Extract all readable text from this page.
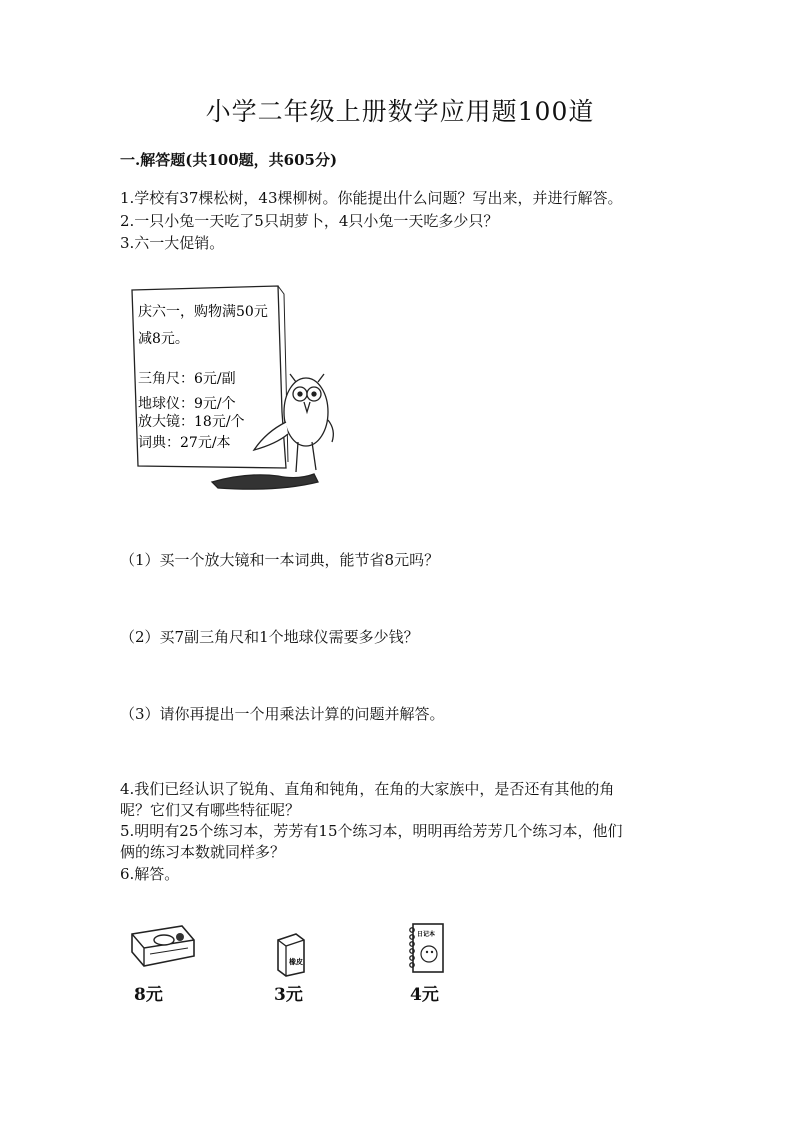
小学二年级上册数学应用题100道
一.解答题(共100题，共605分)
1.学校有37棵松树，43棵柳树。你能提出什么问题？写出来，并进行解答。
2.一只小兔一天吃了5只胡萝卜，4只小兔一天吃多少只？
3.六一大促销。
庆六一，购物满50元
减8元。
三角尺：6元/副
地球仪：9元/个
放大镜：18元/个
词典：27元/本
（1）买一个放大镜和一本词典，能节省8元吗？
（2）买7副三角尺和1个地球仪需要多少钱？
（3）请你再提出一个用乘法计算的问题并解答。
4.我们已经认识了锐角、直角和钝角，在角的大家族中，是否还有其他的角
呢？它们又有哪些特征呢？
5.明明有25个练习本，芳芳有15个练习本，明明再给芳芳几个练习本，他们
俩的练习本数就同样多？
6.解答。
8元
橡皮
3元
日记本
4元
